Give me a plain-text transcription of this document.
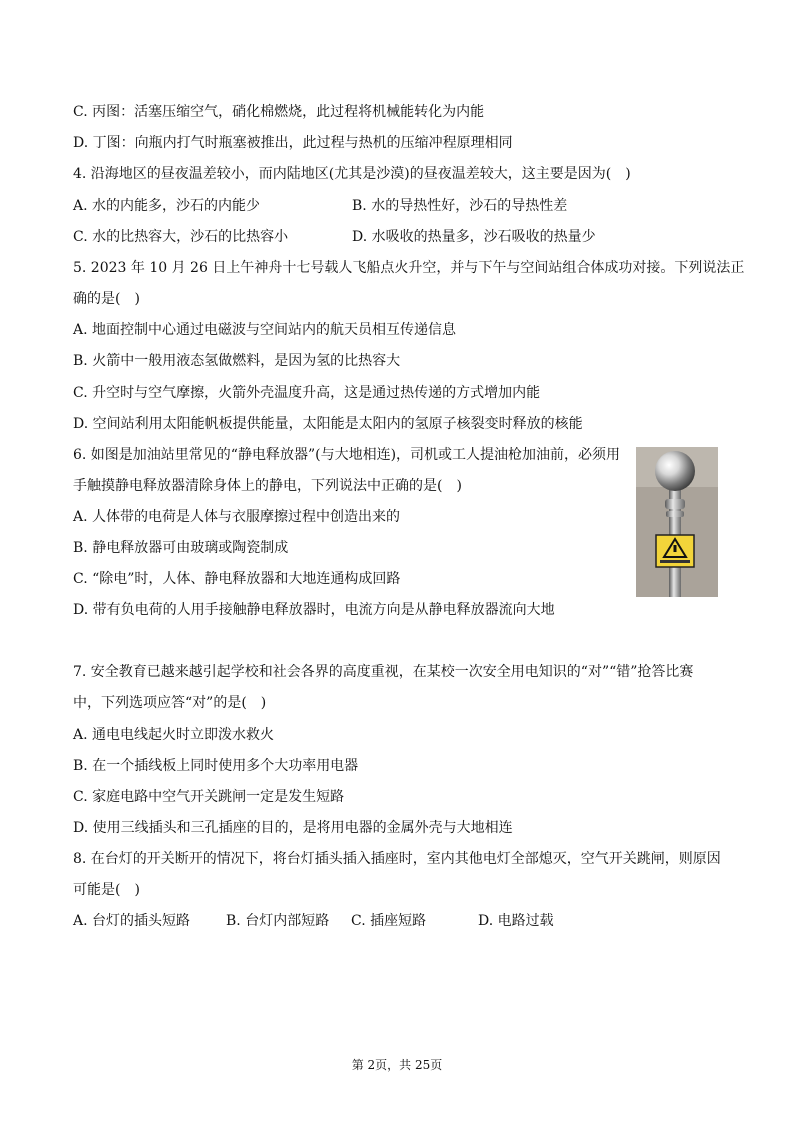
C. 丙图：活塞压缩空气，硝化棉燃烧，此过程将机械能转化为内能
D. 丁图：向瓶内打气时瓶塞被推出，此过程与热机的压缩冲程原理相同
4. 沿海地区的昼夜温差较小，而内陆地区(尤其是沙漠)的昼夜温差较大，这主要是因为(　)
A. 水的内能多，沙石的内能少	B. 水的导热性好，沙石的导热性差
C. 水的比热容大，沙石的比热容小	D. 水吸收的热量多，沙石吸收的热量少
5. 2023 年 10 月 26 日上午神舟十七号载人飞船点火升空，并与下午与空间站组合体成功对接。下列说法正
确的是(　)
A. 地面控制中心通过电磁波与空间站内的航天员相互传递信息
B. 火箭中一般用液态氢做燃料，是因为氢的比热容大
C. 升空时与空气摩擦，火箭外壳温度升高，这是通过热传递的方式增加内能
D. 空间站利用太阳能帆板提供能量，太阳能是太阳内的氢原子核裂变时释放的核能
6. 如图是加油站里常见的“静电释放器”(与大地相连)，司机或工人提油枪加油前，必须用
手触摸静电释放器清除身体上的静电，下列说法中正确的是(　)
A. 人体带的电荷是人体与衣服摩擦过程中创造出来的
B. 静电释放器可由玻璃或陶瓷制成
C. “除电”时，人体、静电释放器和大地连通构成回路
D. 带有负电荷的人用手接触静电释放器时，电流方向是从静电释放器流向大地
7. 安全教育已越来越引起学校和社会各界的高度重视，在某校一次安全用电知识的“对”“错”抢答比赛
中，下列选项应答“对”的是(　)
A. 通电电线起火时立即泼水救火
B. 在一个插线板上同时使用多个大功率用电器
C. 家庭电路中空气开关跳闸一定是发生短路
D. 使用三线插头和三孔插座的目的，是将用电器的金属外壳与大地相连
8. 在台灯的开关断开的情况下，将台灯插头插入插座时，室内其他电灯全部熄灭，空气开关跳闸，则原因
可能是(　)
A. 台灯的插头短路	B. 台灯内部短路 C. 插座短路	D. 电路过载
第 2页，共 25页
